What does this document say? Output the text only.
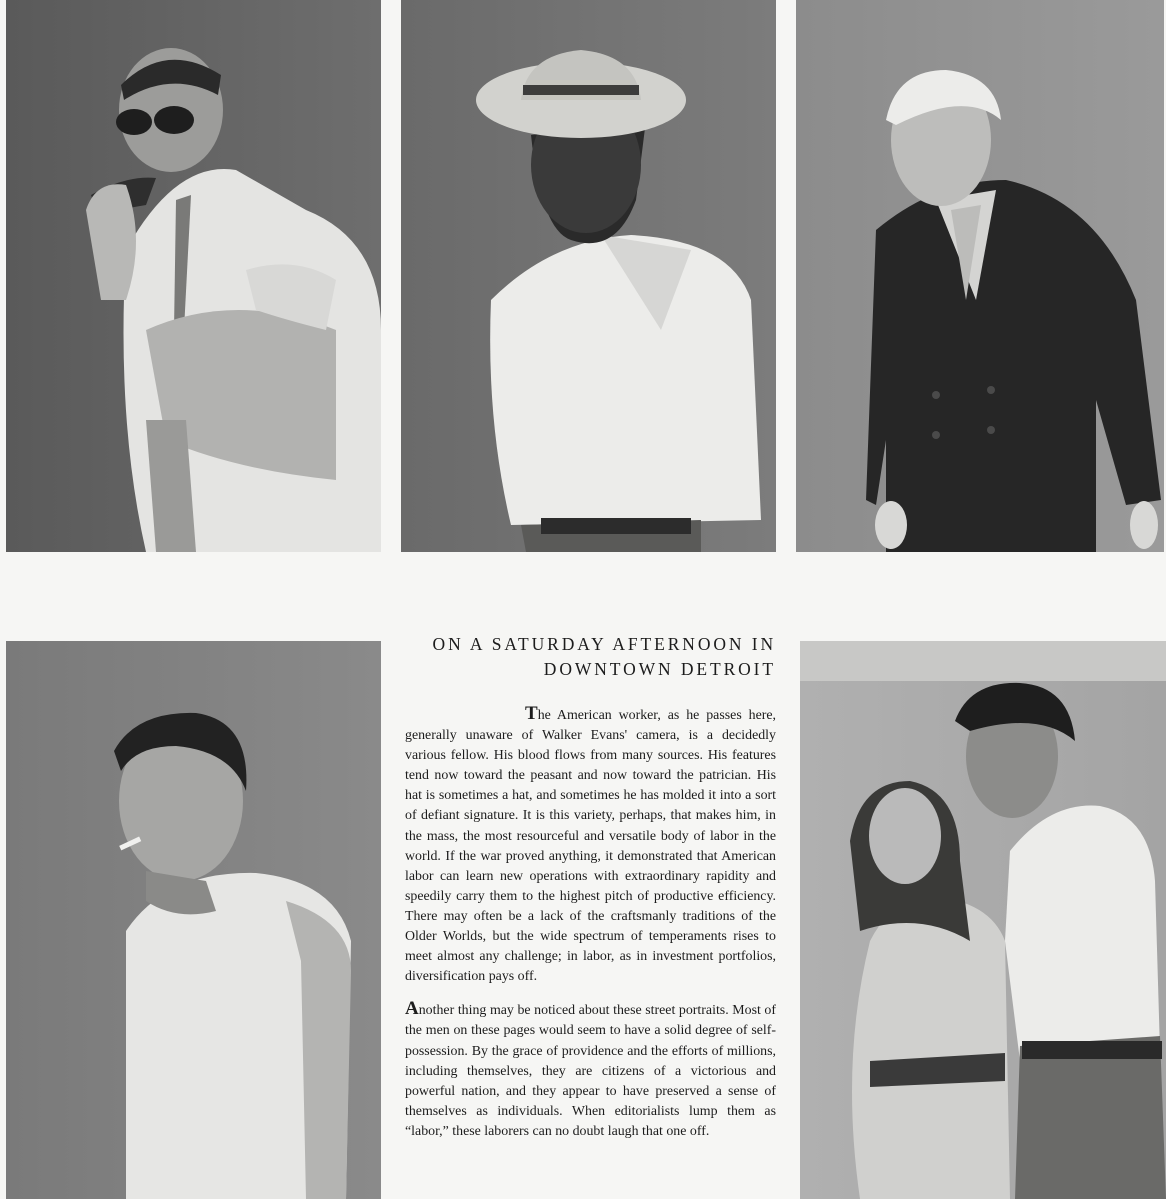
ON A SATURDAY AFTERNOON IN
DOWNTOWN DETROIT

The American worker, as he passes here, generally unaware of Walker Evans' camera, is a decidedly various fellow. His blood flows from many sources. His features tend now toward the peasant and now toward the patrician. His hat is sometimes a hat, and sometimes he has molded it into a sort of defiant signature. It is this variety, perhaps, that makes him, in the mass, the most resourceful and versatile body of labor in the world. If the war proved anything, it demonstrated that American labor can learn new operations with extraordinary rapidity and speedily carry them to the highest pitch of productive efficiency. There may often be a lack of the craftsmanly traditions of the Older Worlds, but the wide spectrum of temperaments rises to meet almost any challenge; in labor, as in investment portfolios, diversification pays off.

Another thing may be noticed about these street portraits. Most of the men on these pages would seem to have a solid degree of self-possession. By the grace of providence and the efforts of millions, including themselves, they are citizens of a victorious and powerful nation, and they appear to have preserved a sense of themselves as individuals. When editorialists lump them as “labor,” these laborers can no doubt laugh that one off.
